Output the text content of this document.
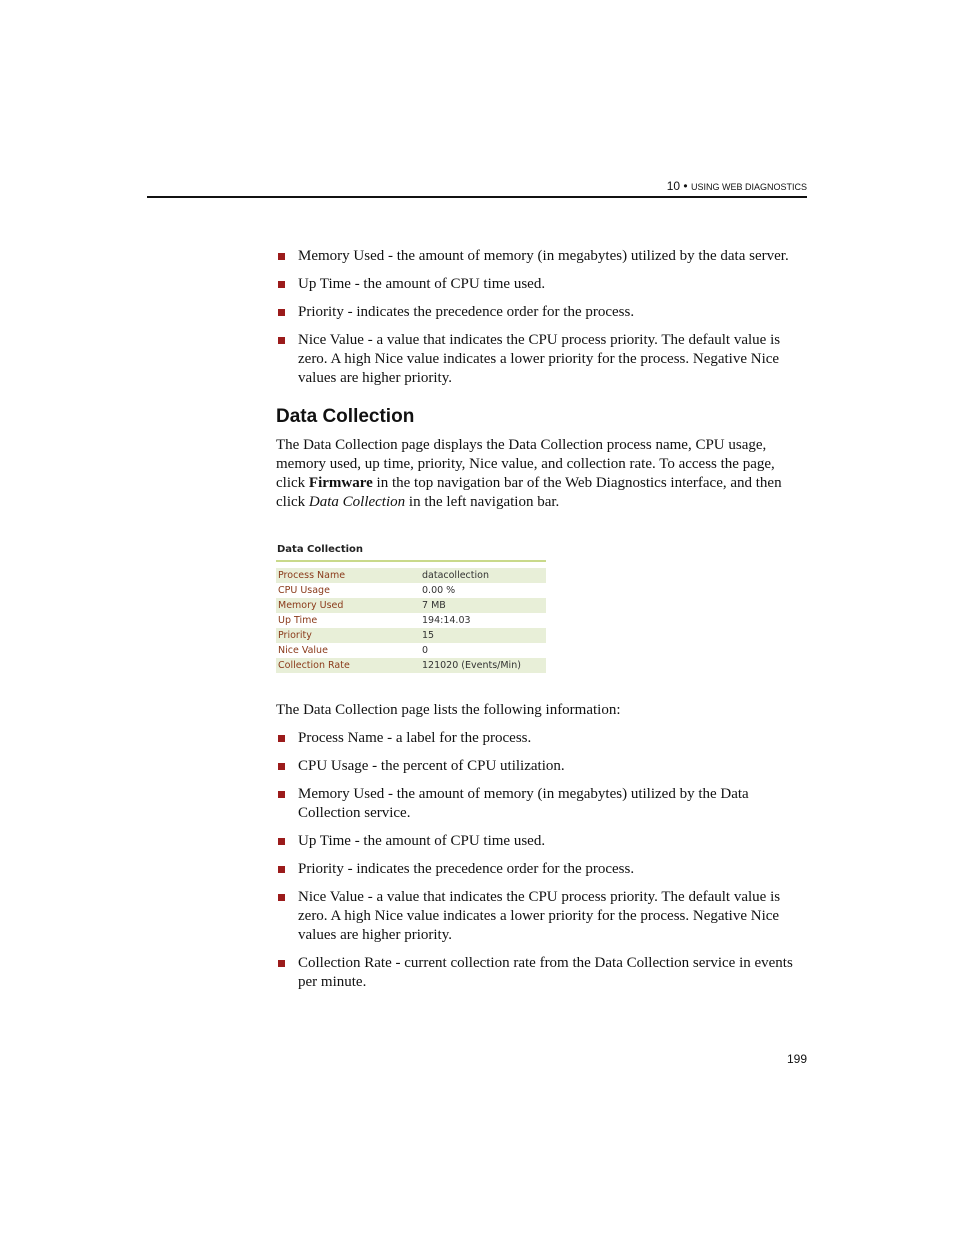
10 • USING WEB DIAGNOSTICS
Memory Used - the amount of memory (in megabytes) utilized by the data server.
Up Time - the amount of CPU time used.
Priority - indicates the precedence order for the process.
Nice Value - a value that indicates the CPU process priority. The default value is zero. A high Nice value indicates a lower priority for the process. Negative Nice values are higher priority.
Data Collection

The Data Collection page displays the Data Collection process name, CPU usage, memory used, up time, priority, Nice value, and collection rate. To access the page, click Firmware in the top navigation bar of the Web Diagnostics interface, and then click Data Collection in the left navigation bar.

Data Collection
Process Name	datacollection
CPU Usage	0.00 %
Memory Used	7 MB
Up Time	194:14.03
Priority	15
Nice Value	0
Collection Rate	121020 (Events/Min)

The Data Collection page lists the following information:

Process Name - a label for the process.
CPU Usage - the percent of CPU utilization.
Memory Used - the amount of memory (in megabytes) utilized by the Data Collection service.
Up Time - the amount of CPU time used.
Priority - indicates the precedence order for the process.
Nice Value - a value that indicates the CPU process priority. The default value is zero. A high Nice value indicates a lower priority for the process. Negative Nice values are higher priority.
Collection Rate - current collection rate from the Data Collection service in events per minute.
199
